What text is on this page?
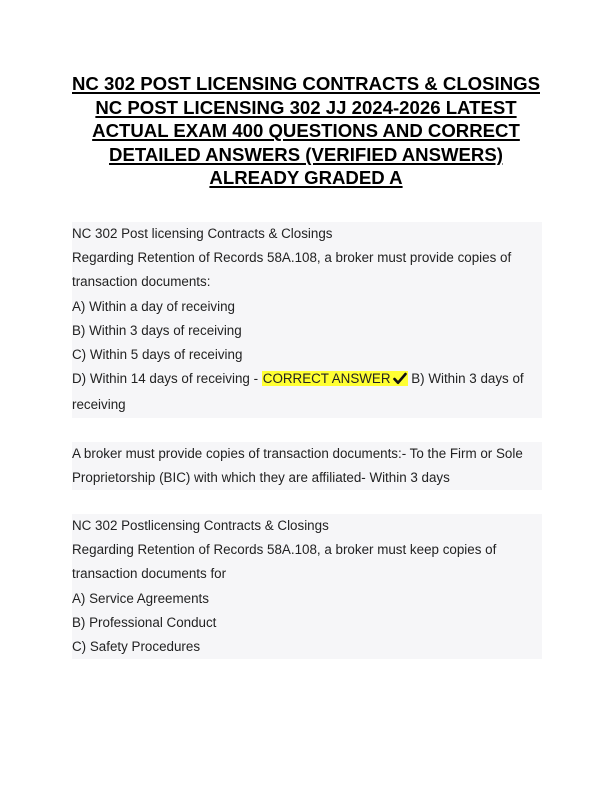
NC 302 POST LICENSING CONTRACTS & CLOSINGS NC POST LICENSING 302 JJ 2024-2026 LATEST ACTUAL EXAM 400 QUESTIONS AND CORRECT DETAILED ANSWERS (VERIFIED ANSWERS) ALREADY GRADED A
NC 302 Post licensing Contracts & Closings
Regarding Retention of Records 58A.108, a broker must provide copies of transaction documents:
A) Within a day of receiving
B) Within 3 days of receiving
C) Within 5 days of receiving
D) Within 14 days of receiving - CORRECT ANSWER B) Within 3 days of receiving
A broker must provide copies of transaction documents:- To the Firm or Sole Proprietorship (BIC) with which they are affiliated- Within 3 days
NC 302 Postlicensing Contracts & Closings
Regarding Retention of Records 58A.108, a broker must keep copies of transaction documents for
A) Service Agreements
B) Professional Conduct
C) Safety Procedures
